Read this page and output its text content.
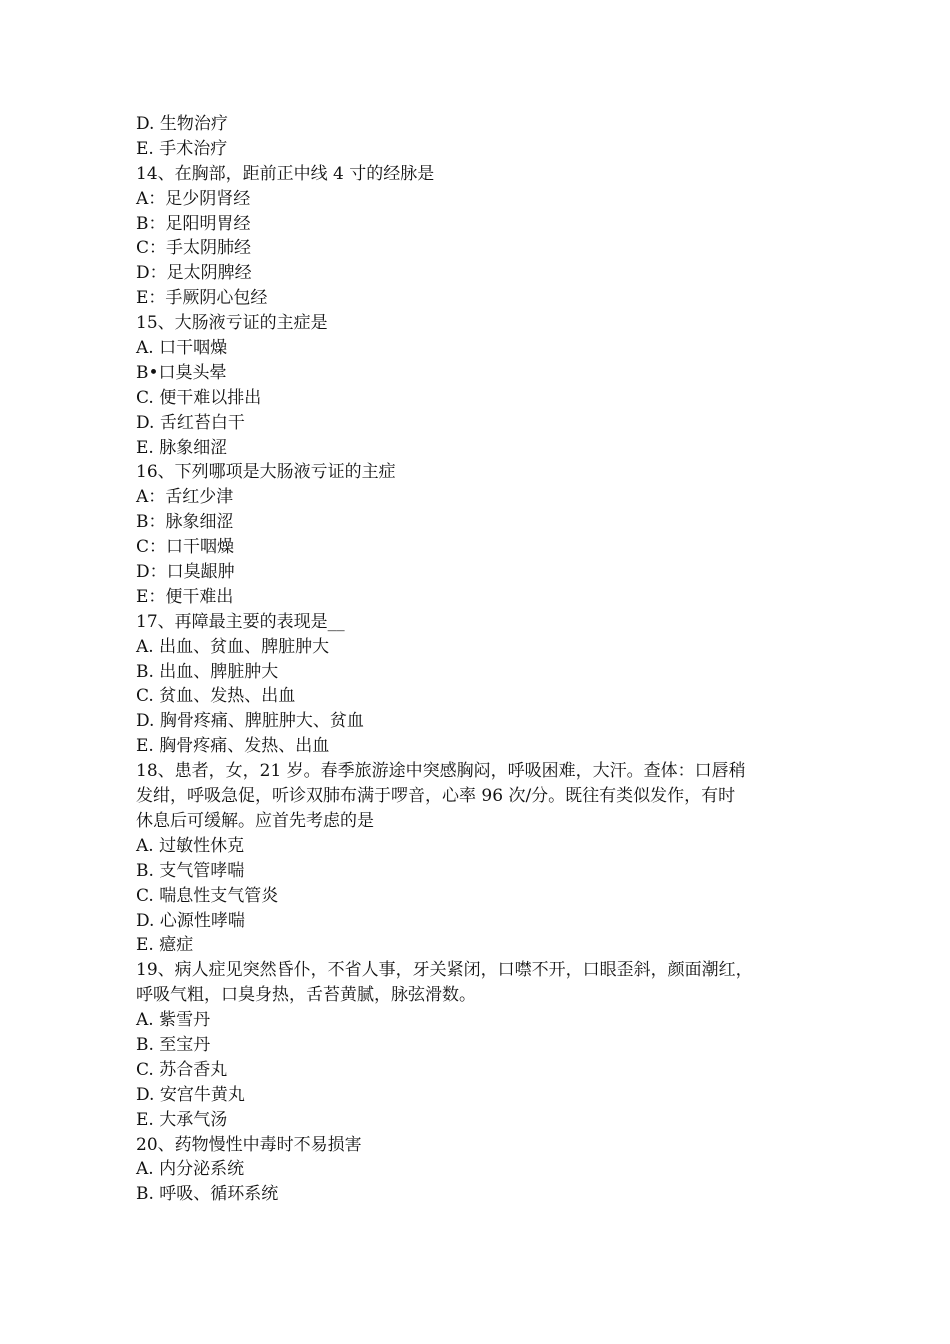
D. 生物治疗
E. 手术治疗
14、在胸部，距前正中线 4 寸的经脉是
A：足少阴肾经
B：足阳明胃经
C：手太阴肺经
D：足太阴脾经
E：手厥阴心包经
15、大肠液亏证的主症是
A. 口干咽燥
B•口臭头晕
C. 便干难以排出
D. 舌红苔白干
E. 脉象细涩
16、下列哪项是大肠液亏证的主症
A：舌红少津
B：脉象细涩
C：口干咽燥
D：口臭龈肿
E：便干难出
17、再障最主要的表现是__
A. 出血、贫血、脾脏肿大
B. 出血、脾脏肿大
C. 贫血、发热、出血
D. 胸骨疼痛、脾脏肿大、贫血
E. 胸骨疼痛、发热、出血
18、患者，女，21 岁。春季旅游途中突感胸闷，呼吸困难，大汗。查体：口唇稍
发绀，呼吸急促，听诊双肺布满于啰音，心率 96 次/分。既往有类似发作，有时
休息后可缓解。应首先考虑的是
A. 过敏性休克
B. 支气管哮喘
C. 喘息性支气管炎
D. 心源性哮喘
E. 癔症
19、病人症见突然昏仆，不省人事，牙关紧闭，口噤不开，口眼歪斜，颜面潮红，
呼吸气粗，口臭身热，舌苔黄腻，脉弦滑数。
A. 紫雪丹
B. 至宝丹
C. 苏合香丸
D. 安宫牛黄丸
E. 大承气汤
20、药物慢性中毒时不易损害
A. 内分泌系统
B. 呼吸、循环系统
